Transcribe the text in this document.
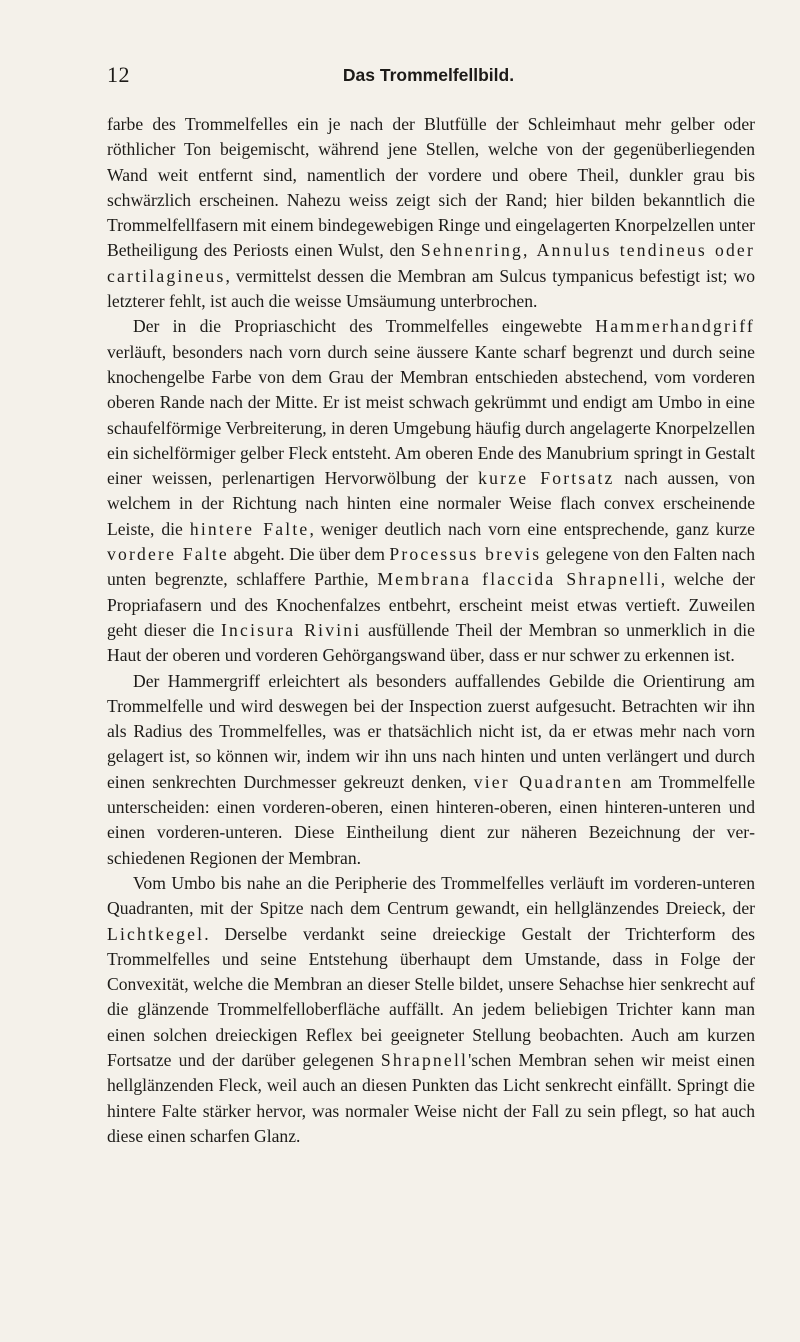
12	Das Trommelfellbild.

farbe des Trommelfelles ein je nach der Blutfülle der Schleimhaut mehr gelber oder röthlicher Ton beigemischt, während jene Stellen, welche von der gegenüberliegenden Wand weit entfernt sind, namentlich der vordere und obere Theil, dunkler grau bis schwärzlich erscheinen. Nahezu weiss zeigt sich der Rand; hier bilden bekanntlich die Trommelfellfasern mit einem bindegewebigen Ringe und eingelagerten Knorpelzellen unter Betheiligung des Periosts einen Wulst, den Sehnenring, Annulus tendineus oder cartilagineus, vermittelst dessen die Membran am Sulcus tympanicus befestigt ist; wo letzterer fehlt, ist auch die weisse Umsäumung unterbrochen.

Der in die Propriaschicht des Trommelfelles eingewebte Hammerhandgriff verläuft, besonders nach vorn durch seine äussere Kante scharf begrenzt und durch seine knochengelbe Farbe von dem Grau der Membran entschieden abstechend, vom vorderen oberen Rande nach der Mitte. Er ist meist schwach gekrümmt und endigt am Umbo in eine schaufelförmige Verbreiterung, in deren Umgebung häufig durch angelagerte Knorpelzellen ein sichelförmiger gelber Fleck entsteht. Am oberen Ende des Manubrium springt in Gestalt einer weissen, perlenartigen Hervorwölbung der kurze Fortsatz nach aussen, von welchem in der Richtung nach hinten eine normaler Weise flach convex erscheinende Leiste, die hintere Falte, weniger deutlich nach vorn eine entsprechende, ganz kurze vordere Falte abgeht. Die über dem Processus brevis gelegene von den Falten nach unten begrenzte, schlaffere Parthie, Membrana flaccida Shrapnelli, welche der Propriafasern und des Knochenfalzes entbehrt, erscheint meist etwas vertieft. Zuweilen geht dieser die Incisura Rivini ausfüllende Theil der Membran so unmerklich in die Haut der oberen und vorderen Gehörgangswand über, dass er nur schwer zu erkennen ist.

Der Hammergriff erleichtert als besonders auffallendes Gebilde die Orientirung am Trommelfelle und wird deswegen bei der Inspection zuerst aufgesucht. Betrachten wir ihn als Radius des Trommelfelles, was er thatsächlich nicht ist, da er etwas mehr nach vorn gelagert ist, so können wir, indem wir ihn uns nach hinten und unten verlängert und durch einen senkrechten Durchmesser gekreuzt denken, vier Quadranten am Trommelfelle unterscheiden: einen vorderen-oberen, einen hinteren-oberen, einen hinteren-unteren und einen vorderen-unteren. Diese Eintheilung dient zur näheren Bezeichnung der verschiedenen Regionen der Membran.

Vom Umbo bis nahe an die Peripherie des Trommelfelles verläuft im vorderen-unteren Quadranten, mit der Spitze nach dem Centrum gewandt, ein hellglänzendes Dreieck, der Lichtkegel. Derselbe verdankt seine dreieckige Gestalt der Trichterform des Trommelfelles und seine Entstehung überhaupt dem Umstande, dass in Folge der Convexität, welche die Membran an dieser Stelle bildet, unsere Sehachse hier senkrecht auf die glänzende Trommelfelloberfläche auffällt. An jedem beliebigen Trichter kann man einen solchen dreieckigen Reflex bei geeigneter Stellung beobachten. Auch am kurzen Fortsatze und der darüber gelegenen Shrapnell'schen Membran sehen wir meist einen hellglänzenden Fleck, weil auch an diesen Punkten das Licht senkrecht einfällt. Springt die hintere Falte stärker hervor, was normaler Weise nicht der Fall zu sein pflegt, so hat auch diese einen scharfen Glanz.
